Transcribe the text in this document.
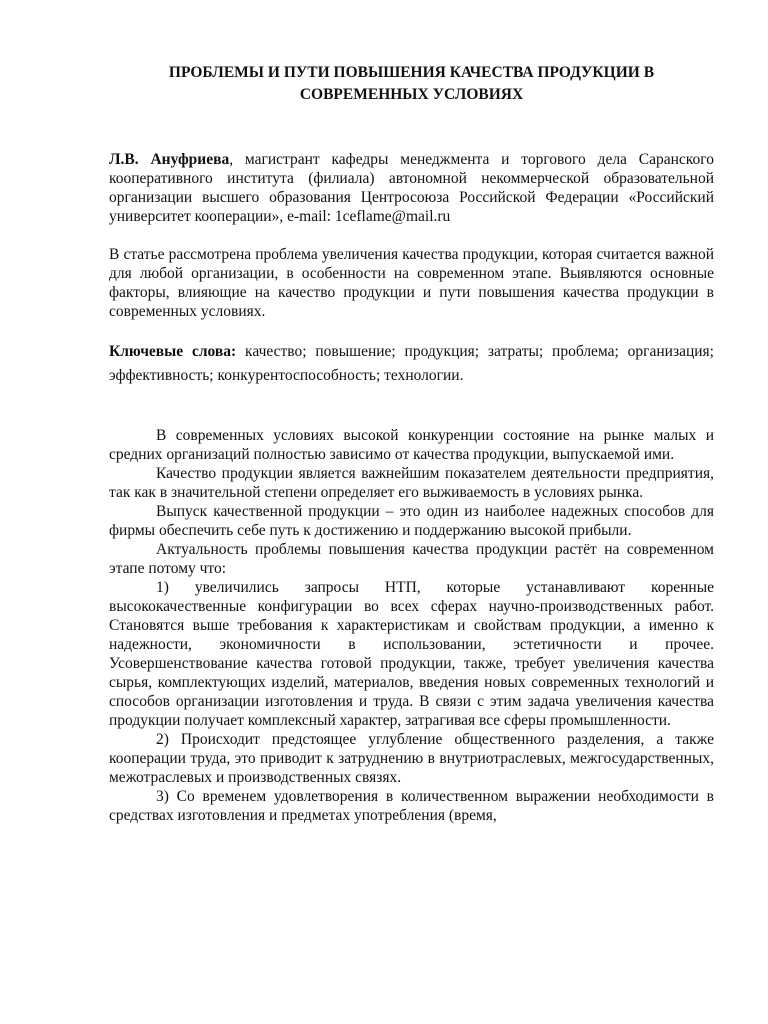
ПРОБЛЕМЫ И ПУТИ ПОВЫШЕНИЯ КАЧЕСТВА ПРОДУКЦИИ В СОВРЕМЕННЫХ УСЛОВИЯХ

Л.В. Ануфриева, магистрант кафедры менеджмента и торгового дела Саранского кооперативного института (филиала) автономной некоммерческой образовательной организации высшего образования Центросоюза Российской Федерации «Российский университет кооперации», e-mail: 1ceflame@mail.ru

В статье рассмотрена проблема увеличения качества продукции, которая считается важной для любой организации, в особенности на современном этапе. Выявляются основные факторы, влияющие на качество продукции и пути повышения качества продукции в современных условиях.

Ключевые слова: качество; повышение; продукция; затраты; проблема; организация; эффективность; конкурентоспособность; технологии.

В современных условиях высокой конкуренции состояние на рынке малых и средних организаций полностью зависимо от качества продукции, выпускаемой ими.

Качество продукции является важнейшим показателем деятельности предприятия, так как в значительной степени определяет его выживаемость в условиях рынка.

Выпуск качественной продукции – это один из наиболее надежных способов для фирмы обеспечить себе путь к достижению и поддержанию высокой прибыли.

Актуальность проблемы повышения качества продукции растёт на современном этапе потому что:

1) увеличились запросы НТП, которые устанавливают коренные высококачественные конфигурации во всех сферах научно-производственных работ. Становятся выше требования к характеристикам и свойствам продукции, а именно к надежности, экономичности в использовании, эстетичности и прочее. Усовершенствование качества готовой продукции, также, требует увеличения качества сырья, комплектующих изделий, материалов, введения новых современных технологий и способов организации изготовления и труда. В связи с этим задача увеличения качества продукции получает комплексный характер, затрагивая все сферы промышленности.

2) Происходит предстоящее углубление общественного разделения, а также кооперации труда, это приводит к затруднению в внутриотраслевых, межгосударственных, межотраслевых и производственных связях.

3) Со временем удовлетворения в количественном выражении необходимости в средствах изготовления и предметах употребления (время,
